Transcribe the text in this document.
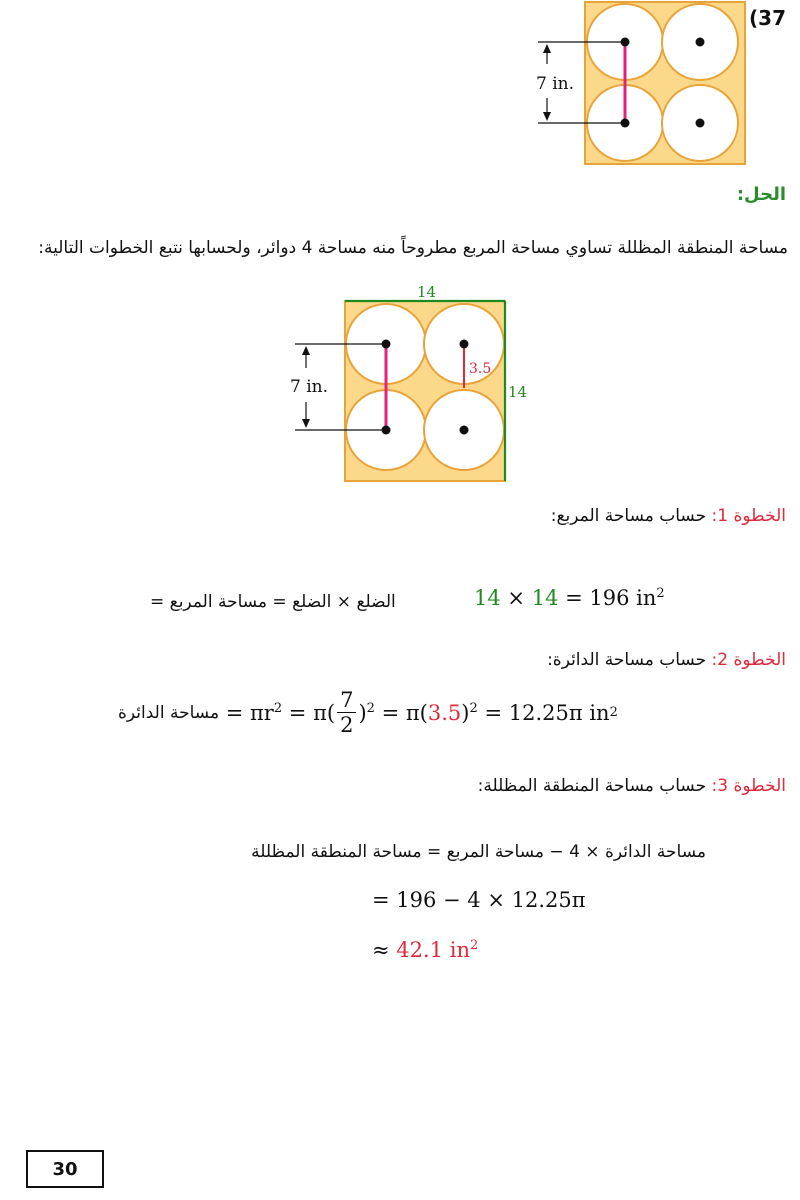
(37
7 in.
الحل:
مساحة المنطقة المظللة تساوي مساحة المربع مطروحاً منه مساحة 4 دوائر، ولحسابها نتبع الخطوات التالية:
7 in.
14
14
3.5
الخطوة 1: حساب مساحة المربع:
= الضلع × الضلع = مساحة المربع	14 × 14 = 196 $in^2$
الخطوة 2: حساب مساحة الدائرة:
مساحة الدائرة = $\pi r^2 = \pi( \frac{7}{2} )^2 = \pi$( 3.5 )$^2$ = 12.25π in 2
الخطوة 3: حساب مساحة المنطقة المظللة:
مساحة الدائرة × 4 − مساحة المربع = مساحة المنطقة المظللة
= 196 − 4 × 12.25π
≈ 42.1 $in^2$
30
